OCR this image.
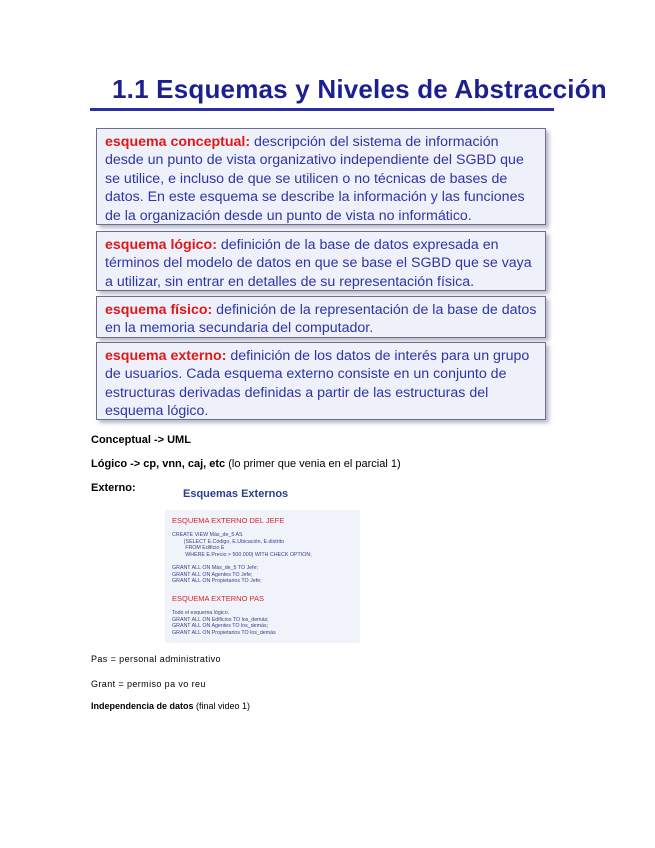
1.1 Esquemas y Niveles de Abstracción
esquema conceptual: descripción del sistema de información desde un punto de vista organizativo independiente del SGBD que se utilice, e incluso de que se utilicen o no técnicas de bases de datos. En este esquema se describe la información y las funciones de la organización desde un punto de vista no informático.
esquema lógico: definición de la base de datos expresada en términos del modelo de datos en que se base el SGBD que se vaya a utilizar, sin entrar en detalles de su representación física.
esquema físico: definición de la representación de la base de datos en la memoria secundaria del computador.
esquema externo: definición de los datos de interés para un grupo de usuarios. Cada esquema externo consiste en un conjunto de estructuras derivadas definidas a partir de las estructuras del esquema lógico.
Conceptual -> UML
Lógico -> cp, vnn, caj, etc (lo primer que venia en el parcial 1)
Externo:	Esquemas Externos
ESQUEMA EXTERNO DEL JEFE
CREATE VIEW Más_de_5 AS
(SELECT E.Código, E.Ubicación, E.distrito
FROM Edificio E
WHERE E.Precio > 500.000) WITH CHECK OPTION;

GRANT ALL ON Más_de_5 TO Jefe;
GRANT ALL ON Agentes TO Jefe;
GRANT ALL ON Propietarios TO Jefe;
ESQUEMA EXTERNO PAS
Todo el esquema lógico.
GRANT ALL ON Edificios TO los_demás;
GRANT ALL ON Agentes TO los_demás;
GRANT ALL ON Propietarios TO los_demás
Pas = personal administrativo
Grant = permiso pa vo reu
Independencia de datos (final video 1)
